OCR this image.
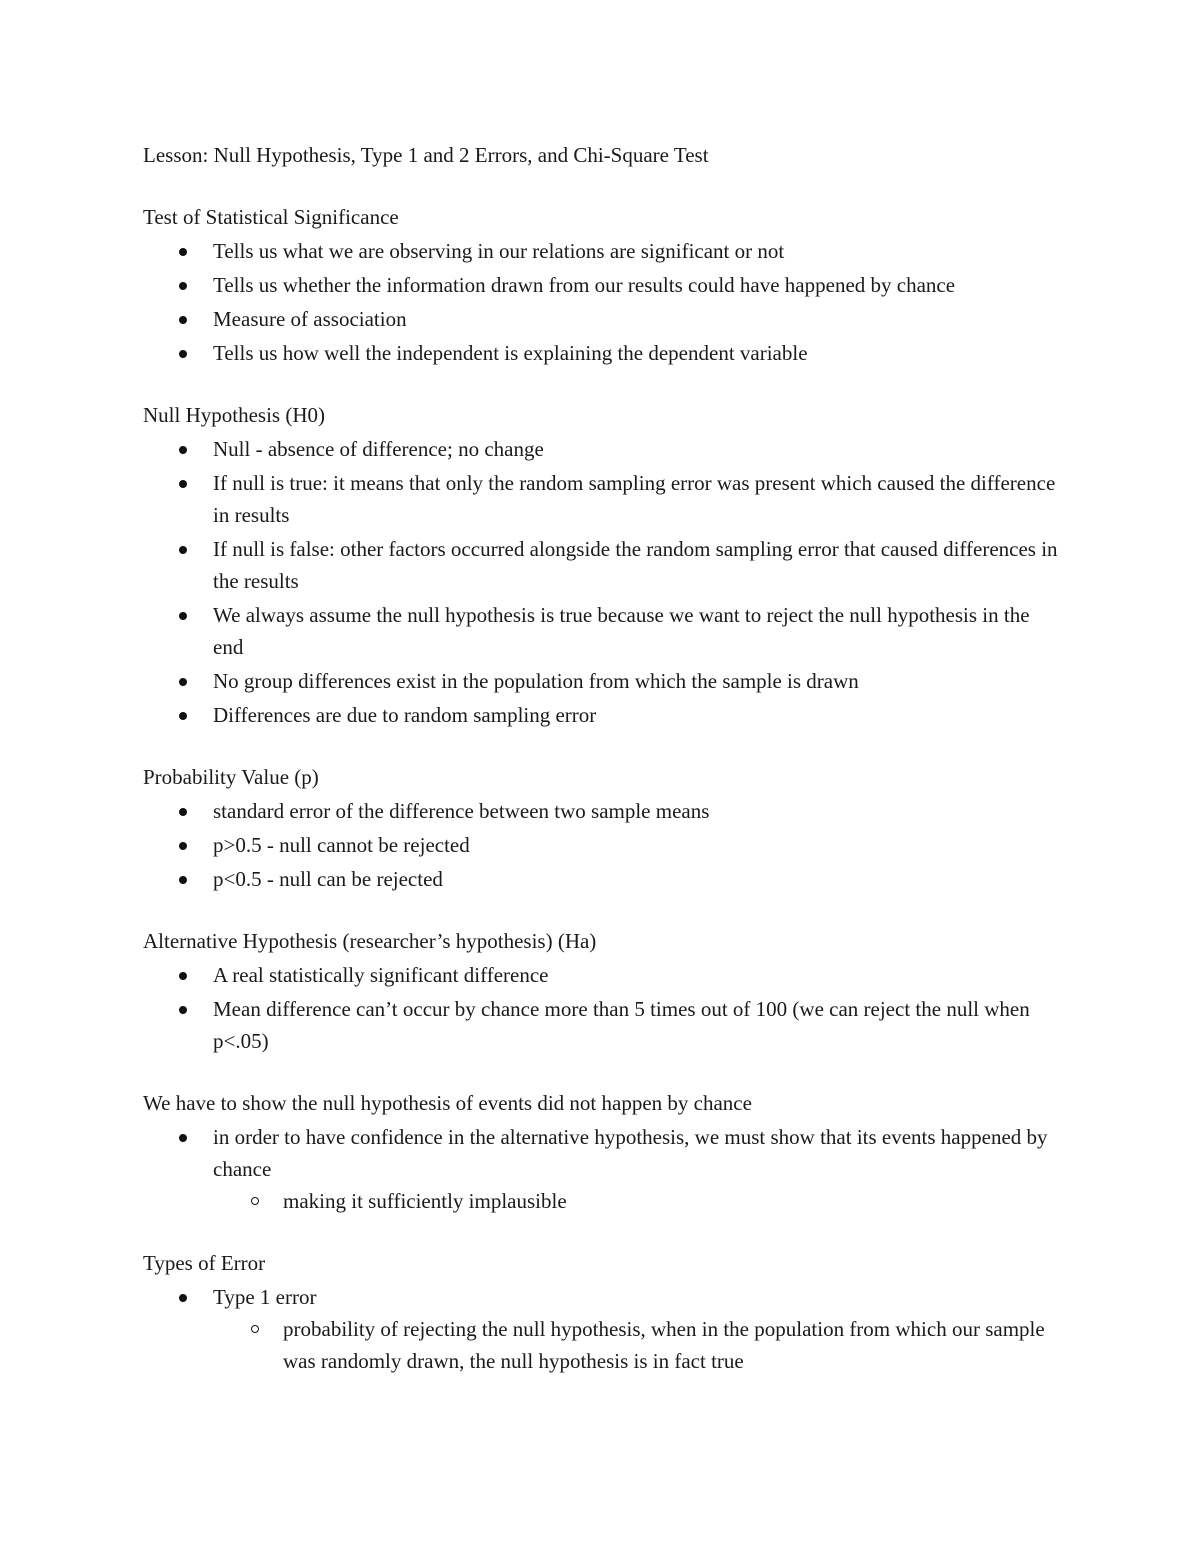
Lesson: Null Hypothesis, Type 1 and 2 Errors, and Chi-Square Test

Test of Statistical Significance

Tells us what we are observing in our relations are significant or not
Tells us whether the information drawn from our results could have happened by chance
Measure of association
Tells us how well the independent is explaining the dependent variable

Null Hypothesis (H0)

Null - absence of difference; no change
If null is true: it means that only the random sampling error was present which caused the difference in results
If null is false: other factors occurred alongside the random sampling error that caused differences in the results
We always assume the null hypothesis is true because we want to reject the null hypothesis in the end
No group differences exist in the population from which the sample is drawn
Differences are due to random sampling error

Probability Value (p)

standard error of the difference between two sample means
p>0.5 - null cannot be rejected
p<0.5 - null can be rejected

Alternative Hypothesis (researcher’s hypothesis) (Ha)

A real statistically significant difference
Mean difference can’t occur by chance more than 5 times out of 100 (we can reject the null when p<.05)

We have to show the null hypothesis of events did not happen by chance

in order to have confidence in the alternative hypothesis, we must show that its events happened by chance
making it sufficiently implausible

Types of Error

Type 1 error
probability of rejecting the null hypothesis, when in the population from which our sample was randomly drawn, the null hypothesis is in fact true
